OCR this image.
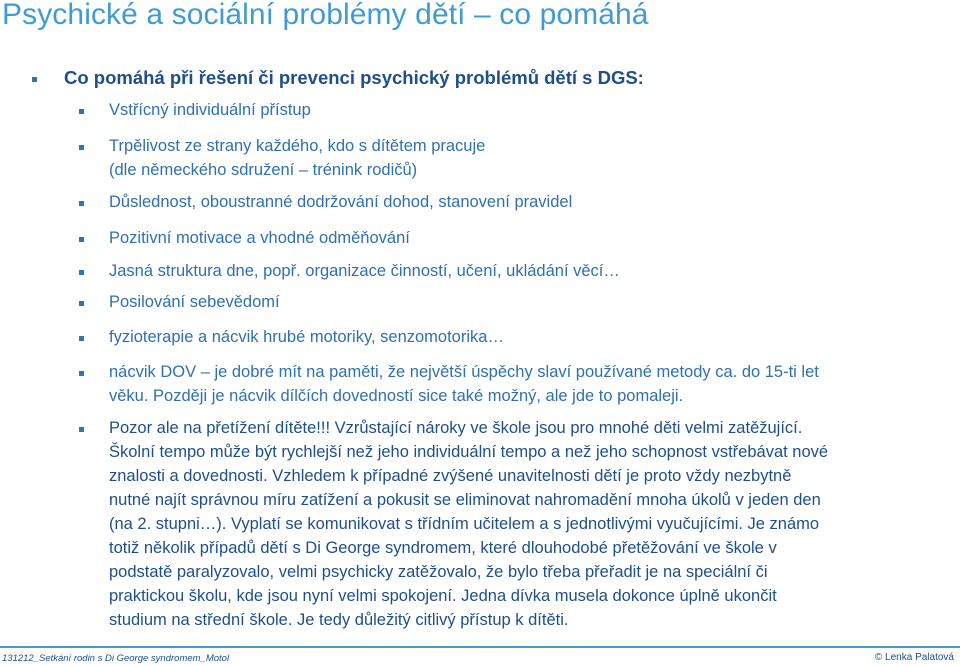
Psychické a sociální problémy dětí – co pomáhá
Co pomáhá při řešení či prevenci psychický problémů dětí s DGS:
Vstřícný individuální přístup
Trpělivost ze strany každého, kdo s dítětem pracuje
(dle německého sdružení – trénink rodičů)
Důslednost, oboustranné dodržování dohod, stanovení pravidel
Pozitivní motivace a vhodné odměňování
Jasná struktura dne, popř. organizace činností, učení, ukládání věcí…
Posilování sebevědomí
fyzioterapie a nácvik hrubé motoriky, senzomotorika…
nácvik DOV – je dobré mít na paměti, že největší úspěchy slaví používané metody ca. do 15-ti let
věku. Později je nácvik dílčích dovedností sice také možný, ale jde to pomaleji.
Pozor ale na přetížení dítěte!!! Vzrůstající nároky ve škole jsou pro mnohé děti velmi zatěžující.
Školní tempo může být rychlejší než jeho individuální tempo a než jeho schopnost vstřebávat nové
znalosti a dovednosti. Vzhledem k případné zvýšené unavitelnosti dětí je proto vždy nezbytně
nutné najít správnou míru zatížení a pokusit se eliminovat nahromadění mnoha úkolů v jeden den
(na 2. stupni…). Vyplatí se komunikovat s třídním učitelem a s jednotlivými vyučujícími. Je známo
totiž několik případů dětí s Di George syndromem, které dlouhodobé přetěžování ve škole v
podstatě paralyzovalo, velmi psychicky zatěžovalo, že bylo třeba přeřadit je na speciální či
praktickou školu, kde jsou nyní velmi spokojení. Jedna dívka musela dokonce úplně ukončit
studium na střední škole. Je tedy důležitý citlivý přístup k dítěti.
131212_Setkání rodin s Di George syndromem_Motol	© Lenka Palatová
